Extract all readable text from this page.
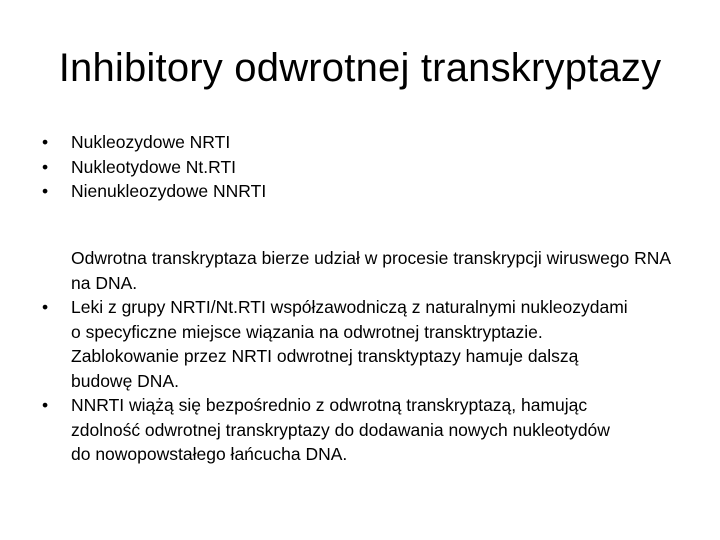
Inhibitory odwrotnej transkryptazy
• Nukleozydowe NRTI
• Nukleotydowe Nt.RTI
• Nienukleozydowe NNRTI

Odwrotna transkryptaza bierze udział w procesie transkrypcji wiruswego RNA na DNA.

• Leki z grupy NRTI/Nt.RTI współzawodniczą z naturalnymi nukleozydami o specyficzne miejsce wiązania na odwrotnej transktryptazie. Zablokowanie przez NRTI odwrotnej transktyptazy hamuje dalszą budowę DNA.
• NNRTI wiążą się bezpośrednio z odwrotną transkryptazą, hamując zdolność odwrotnej transkryptazy do dodawania nowych nukleotydów do nowopowstałego łańcucha DNA.
